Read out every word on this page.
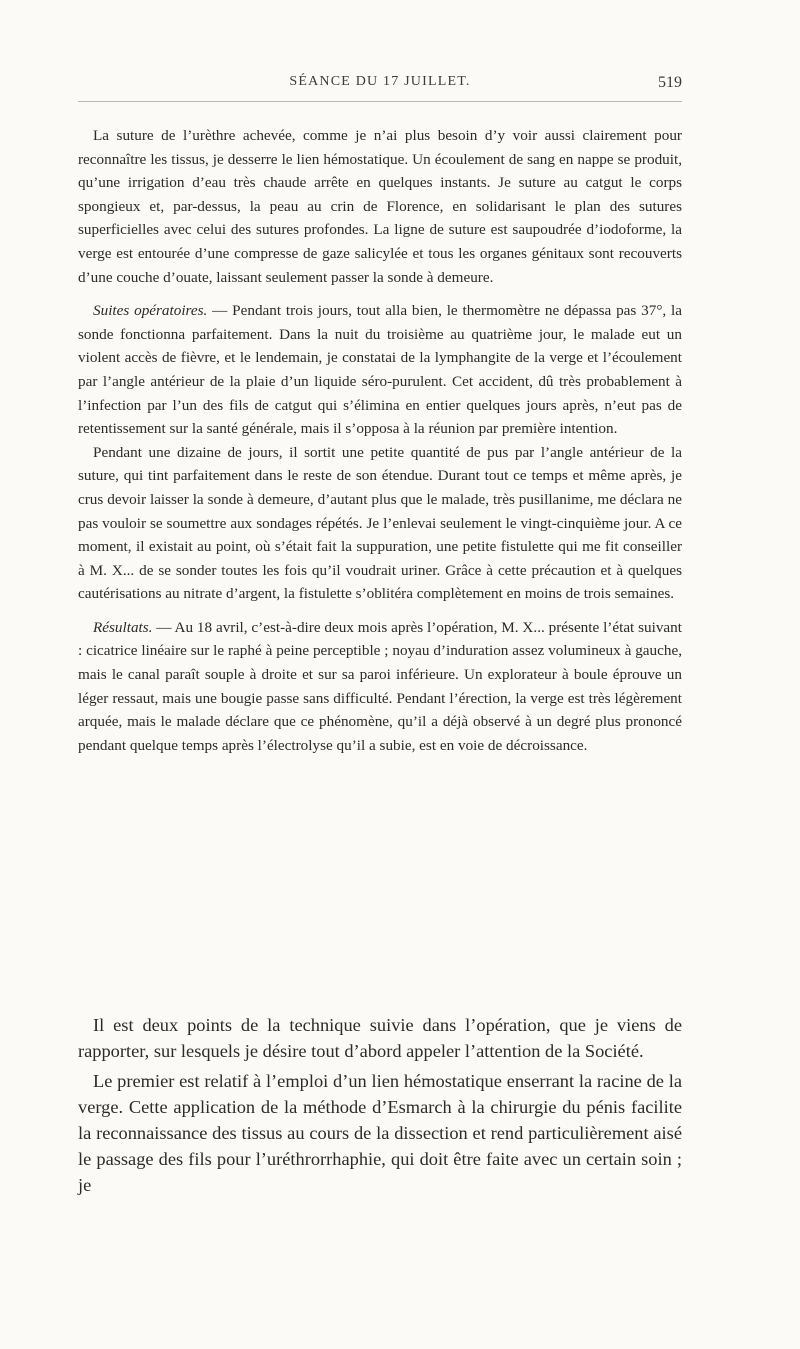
SÉANCE DU 17 JUILLET.	519

La suture de l’urèthre achevée, comme je n’ai plus besoin d’y voir aussi clairement pour reconnaître les tissus, je desserre le lien hémostatique. Un écoulement de sang en nappe se produit, qu’une irrigation d’eau très chaude arrête en quelques instants. Je suture au catgut le corps spongieux et, par-dessus, la peau au crin de Florence, en solidarisant le plan des sutures superficielles avec celui des sutures profondes. La ligne de suture est saupoudrée d’iodoforme, la verge est entourée d’une compresse de gaze salicylée et tous les organes génitaux sont recouverts d’une couche d’ouate, laissant seulement passer la sonde à demeure.

Suites opératoires. — Pendant trois jours, tout alla bien, le thermomètre ne dépassa pas 37°, la sonde fonctionna parfaitement. Dans la nuit du troisième au quatrième jour, le malade eut un violent accès de fièvre, et le lendemain, je constatai de la lymphangite de la verge et l’écoulement par l’angle antérieur de la plaie d’un liquide séro-purulent. Cet accident, dû très probablement à l’infection par l’un des fils de catgut qui s’élimina en entier quelques jours après, n’eut pas de retentissement sur la santé générale, mais il s’opposa à la réunion par première intention.

Pendant une dizaine de jours, il sortit une petite quantité de pus par l’angle antérieur de la suture, qui tint parfaitement dans le reste de son étendue. Durant tout ce temps et même après, je crus devoir laisser la sonde à demeure, d’autant plus que le malade, très pusillanime, me déclara ne pas vouloir se soumettre aux sondages répétés. Je l’enlevai seulement le vingt-cinquième jour. A ce moment, il existait au point, où s’était fait la suppuration, une petite fistulette qui me fit conseiller à M. X... de se sonder toutes les fois qu’il voudrait uriner. Grâce à cette précaution et à quelques cautérisations au nitrate d’argent, la fistulette s’oblitéra complètement en moins de trois semaines.

Résultats. — Au 18 avril, c’est-à-dire deux mois après l’opération, M. X... présente l’état suivant : cicatrice linéaire sur le raphé à peine perceptible ; noyau d’induration assez volumineux à gauche, mais le canal paraît souple à droite et sur sa paroi inférieure. Un explorateur à boule éprouve un léger ressaut, mais une bougie passe sans difficulté. Pendant l’érection, la verge est très légèrement arquée, mais le malade déclare que ce phénomène, qu’il a déjà observé à un degré plus prononcé pendant quelque temps après l’électrolyse qu’il a subie, est en voie de décroissance.

Il est deux points de la technique suivie dans l’opération, que je viens de rapporter, sur lesquels je désire tout d’abord appeler l’attention de la Société.

Le premier est relatif à l’emploi d’un lien hémostatique enserrant la racine de la verge. Cette application de la méthode d’Esmarch à la chirurgie du pénis facilite la reconnaissance des tissus au cours de la dissection et rend particulièrement aisé le passage des fils pour l’uréthrorrhaphie, qui doit être faite avec un certain soin ; je
